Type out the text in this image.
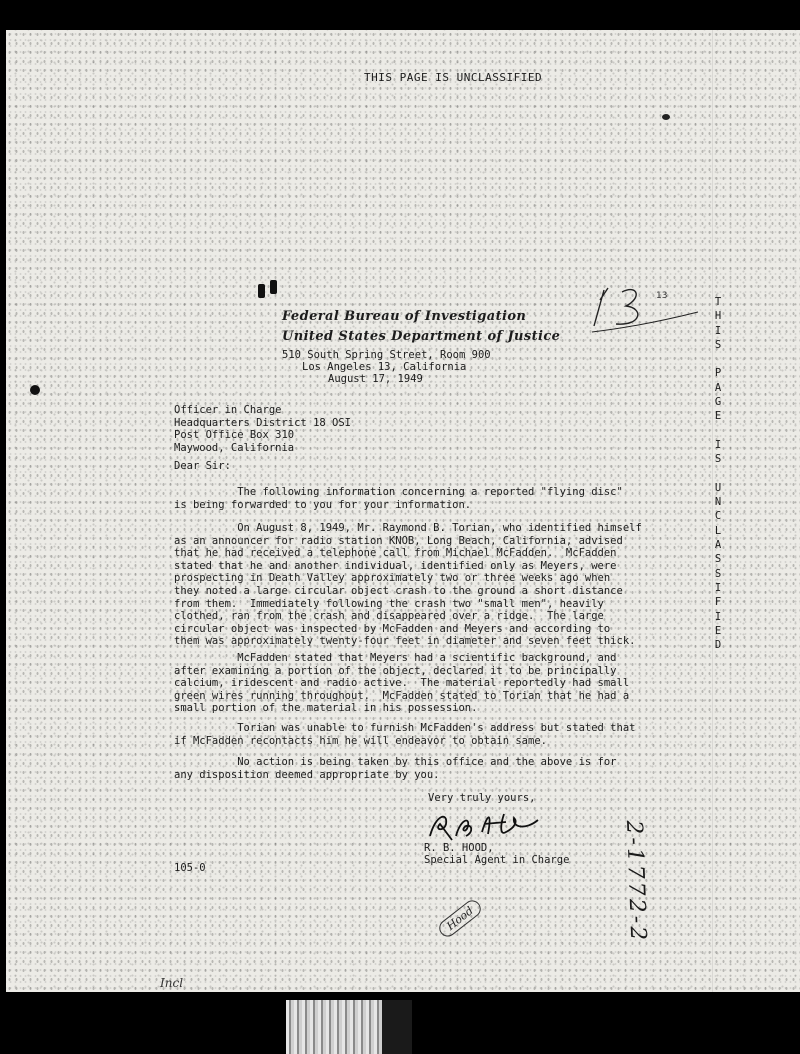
THIS PAGE IS UNCLASSIFIED
13
Federal Bureau of Investigation
United States Department of Justice
510 South Spring Street, Room 900
Los Angeles 13, California
August 17, 1949
Officer in Charge
Headquarters District 18 OSI
Post Office Box 310
Maywood, California
Dear Sir:
The following information concerning a reported "flying disc"
is being forwarded to you for your information.
On August 8, 1949, Mr. Raymond B. Torian, who identified himself
as an announcer for radio station KNOB, Long Beach, California, advised
that he had received a telephone call from Michael McFadden.  McFadden
stated that he and another individual, identified only as Meyers, were
prospecting in Death Valley approximately two or three weeks ago when
they noted a large circular object crash to the ground a short distance
from them.  Immediately following the crash two "small men", heavily
clothed, ran from the crash and disappeared over a ridge.  The large
circular object was inspected by McFadden and Meyers and according to
them was approximately twenty-four feet in diameter and seven feet thick.
McFadden stated that Meyers had a scientific background, and
after examining a portion of the object, declared it to be principally
calcium, iridescent and radio active.  The material reportedly had small
green wires running throughout.  McFadden stated to Torian that he had a
small portion of the material in his possession.
Torian was unable to furnish McFadden's address but stated that
if McFadden recontacts him he will endeavor to obtain same.
No action is being taken by this office and the above is for
any disposition deemed appropriate by you.
Very truly yours,
R. B. Hood
R. B. HOOD,
Special Agent in Charge
105-0	2-1772-2
Hood
Incl
T
H
I
S

P
A
G
E

I
S

U
N
C
L
A
S
S
I
F
I
E
D
